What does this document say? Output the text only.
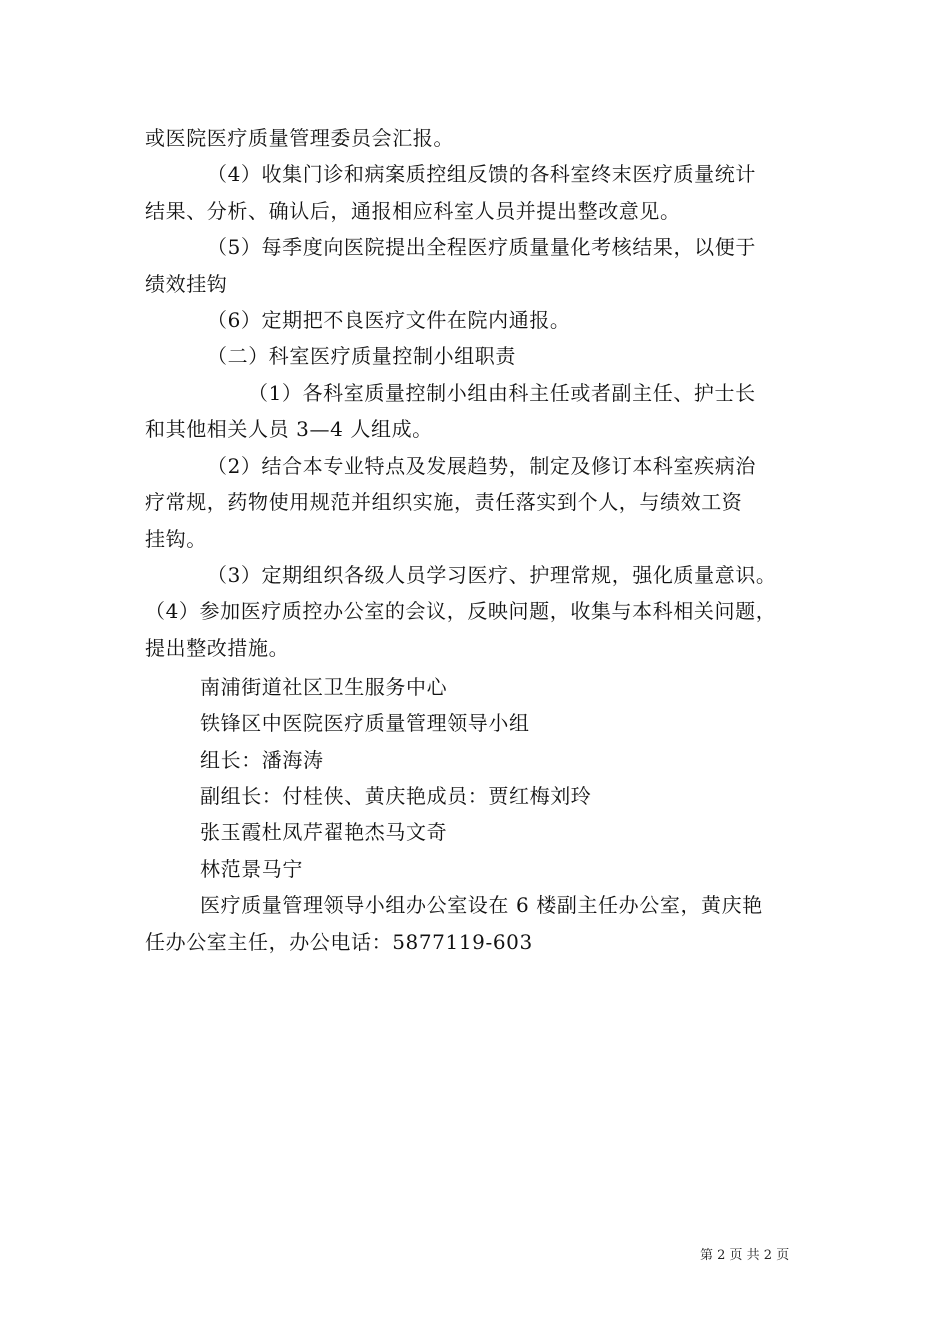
或医院医疗质量管理委员会汇报。
（4）收集门诊和病案质控组反馈的各科室终末医疗质量统计
结果、分析、确认后，通报相应科室人员并提出整改意见。
（5）每季度向医院提出全程医疗质量量化考核结果，以便于
绩效挂钩
（6）定期把不良医疗文件在院内通报。
（二）科室医疗质量控制小组职责
（1）各科室质量控制小组由科主任或者副主任、护士长
和其他相关人员 3—4 人组成。
（2）结合本专业特点及发展趋势，制定及修订本科室疾病治
疗常规，药物使用规范并组织实施，责任落实到个人，与绩效工资
挂钩。
（3）定期组织各级人员学习医疗、护理常规，强化质量意识。
（4）参加医疗质控办公室的会议，反映问题，收集与本科相关问题，
提出整改措施。
南浦街道社区卫生服务中心
铁锋区中医院医疗质量管理领导小组
组长：潘海涛
副组长：付桂侠、黄庆艳成员：贾红梅刘玲
张玉霞杜凤芹翟艳杰马文奇
林范景马宁
医疗质量管理领导小组办公室设在 6 楼副主任办公室，黄庆艳
任办公室主任，办公电话：5877119-603
第 2 页 共 2 页
